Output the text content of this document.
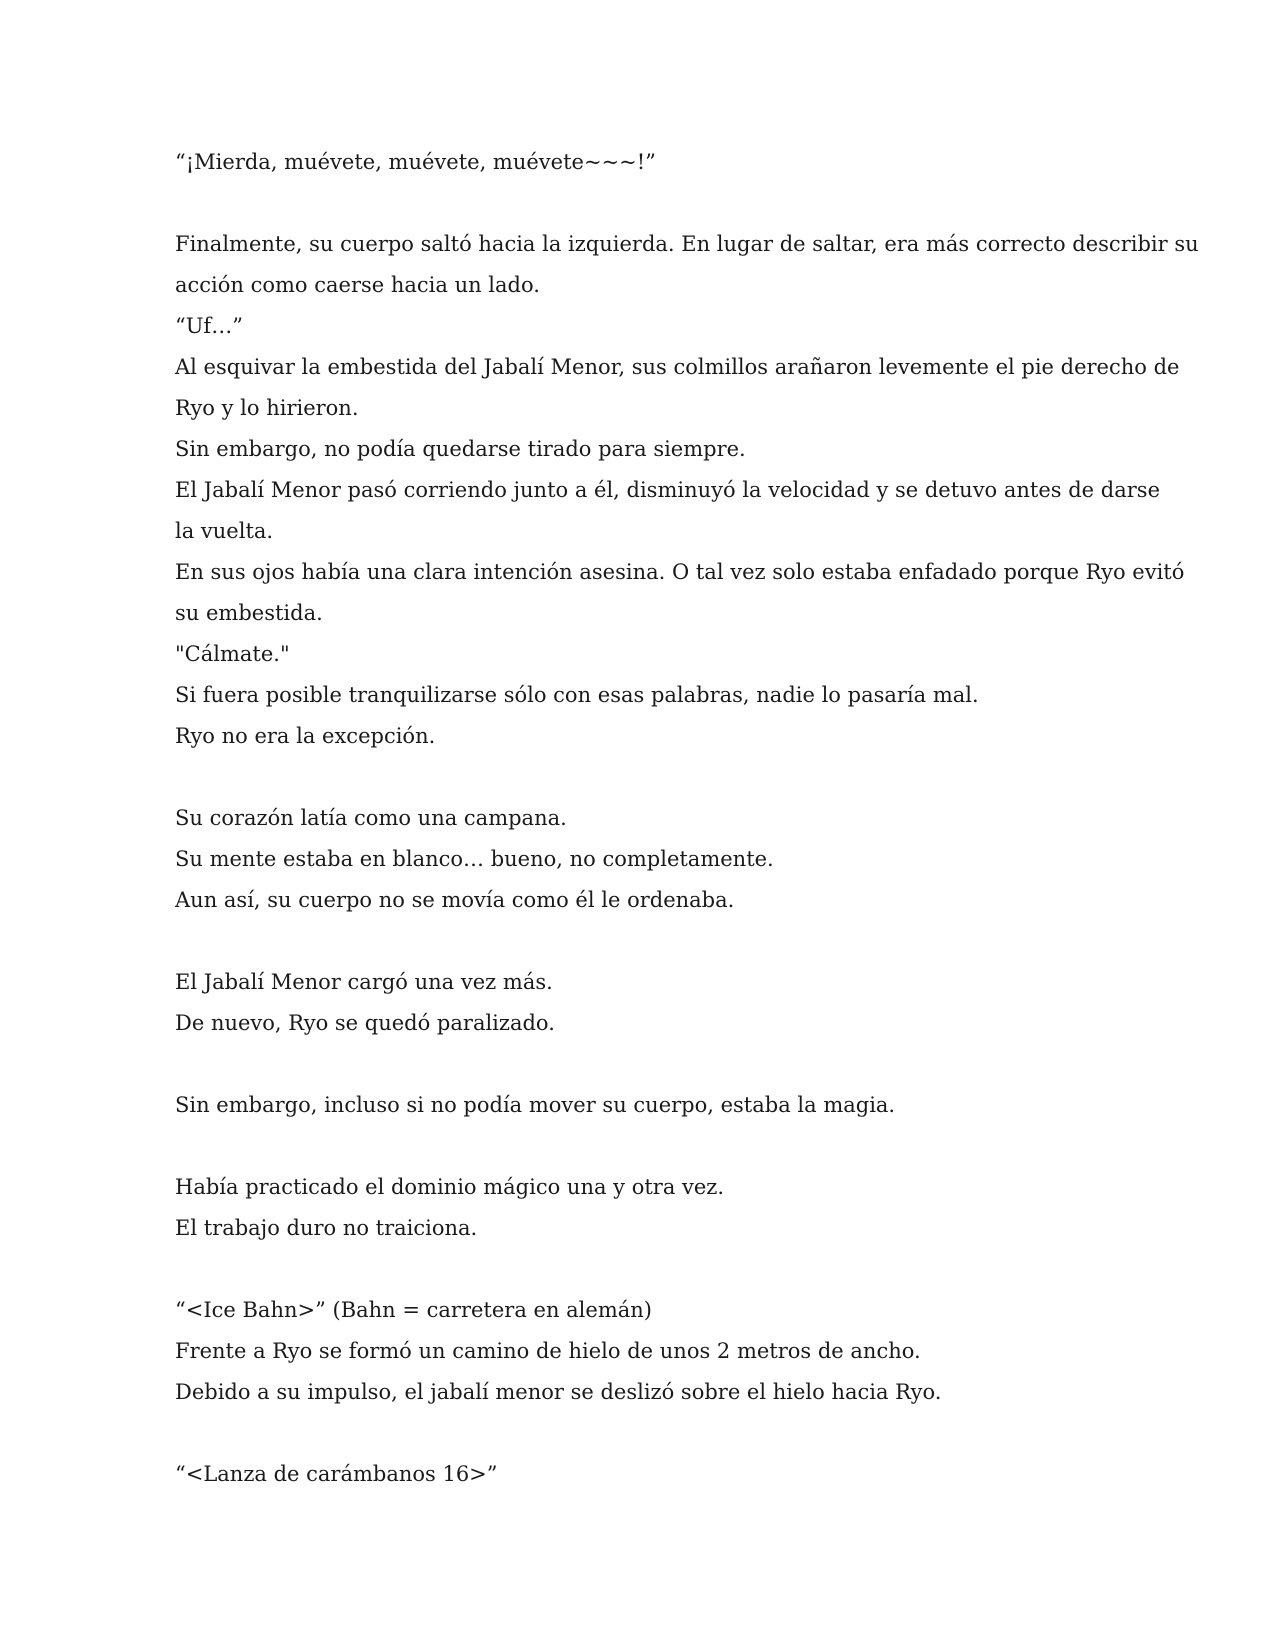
“¡Mierda, muévete, muévete, muévete~~~!”
Finalmente, su cuerpo saltó hacia la izquierda. En lugar de saltar, era más correcto describir su
acción como caerse hacia un lado.
“Uf…”
Al esquivar la embestida del Jabalí Menor, sus colmillos arañaron levemente el pie derecho de
Ryo y lo hirieron.
Sin embargo, no podía quedarse tirado para siempre.
El Jabalí Menor pasó corriendo junto a él, disminuyó la velocidad y se detuvo antes de darse
la vuelta.
En sus ojos había una clara intención asesina. O tal vez solo estaba enfadado porque Ryo evitó
su embestida.
"Cálmate."
Si fuera posible tranquilizarse sólo con esas palabras, nadie lo pasaría mal.
Ryo no era la excepción.
Su corazón latía como una campana.
Su mente estaba en blanco… bueno, no completamente.
Aun así, su cuerpo no se movía como él le ordenaba.
El Jabalí Menor cargó una vez más.
De nuevo, Ryo se quedó paralizado.
Sin embargo, incluso si no podía mover su cuerpo, estaba la magia.
Había practicado el dominio mágico una y otra vez.
El trabajo duro no traiciona.
“<Ice Bahn>” (Bahn = carretera en alemán)
Frente a Ryo se formó un camino de hielo de unos 2 metros de ancho.
Debido a su impulso, el jabalí menor se deslizó sobre el hielo hacia Ryo.
“<Lanza de carámbanos 16>”
